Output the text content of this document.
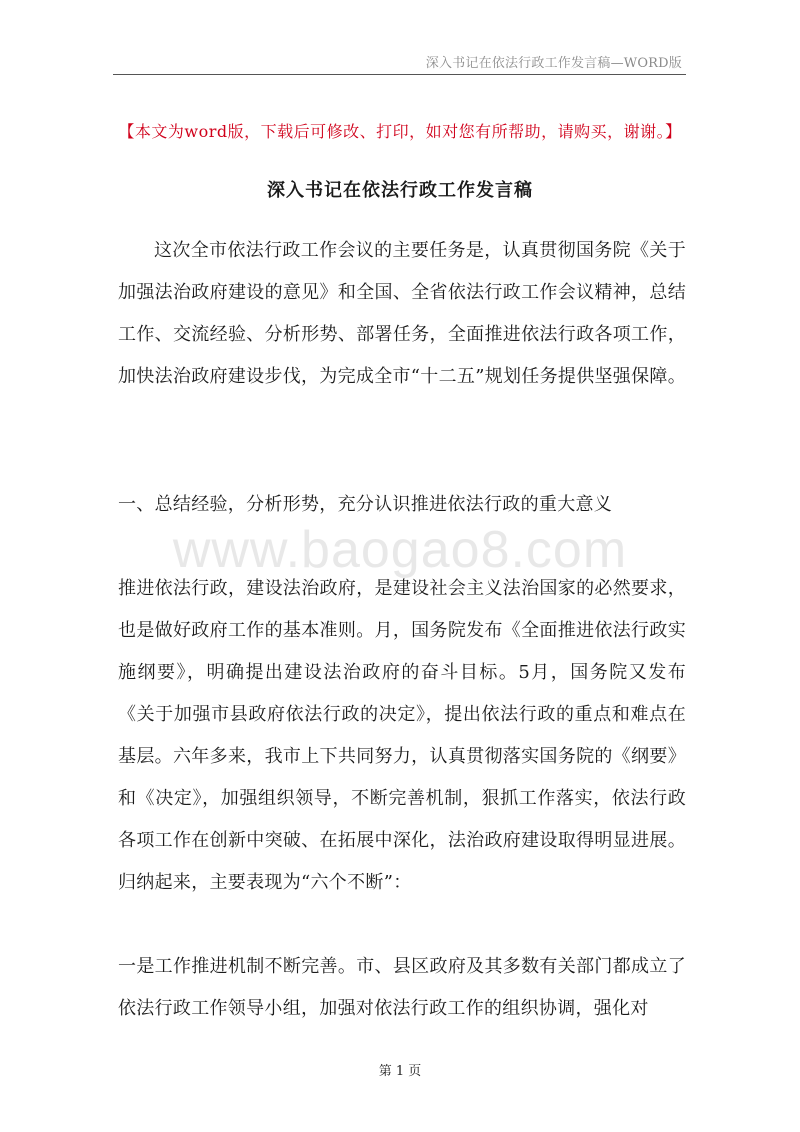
深入书记在依法行政工作发言稿—WORD版
【本文为word版，下载后可修改、打印，如对您有所帮助，请购买，谢谢。】
深入书记在依法行政工作发言稿

这次全市依法行政工作会议的主要任务是，认真贯彻国务院《关于加强法治政府建设的意见》和全国、全省依法行政工作会议精神，总结工作、交流经验、分析形势、部署任务，全面推进依法行政各项工作，加快法治政府建设步伐，为完成全市“十二五”规划任务提供坚强保障。

一、总结经验，分析形势，充分认识推进依法行政的重大意义

www.baogao8.com

推进依法行政，建设法治政府，是建设社会主义法治国家的必然要求，也是做好政府工作的基本准则。月，国务院发布《全面推进依法行政实施纲要》，明确提出建设法治政府的奋斗目标。5月，国务院又发布《关于加强市县政府依法行政的决定》，提出依法行政的重点和难点在基层。六年多来，我市上下共同努力，认真贯彻落实国务院的《纲要》和《决定》，加强组织领导，不断完善机制，狠抓工作落实，依法行政各项工作在创新中突破、在拓展中深化，法治政府建设取得明显进展。归纳起来，主要表现为“六个不断”：

一是工作推进机制不断完善。市、县区政府及其多数有关部门都成立了依法行政工作领导小组，加强对依法行政工作的组织协调，强化对

第 1 页
